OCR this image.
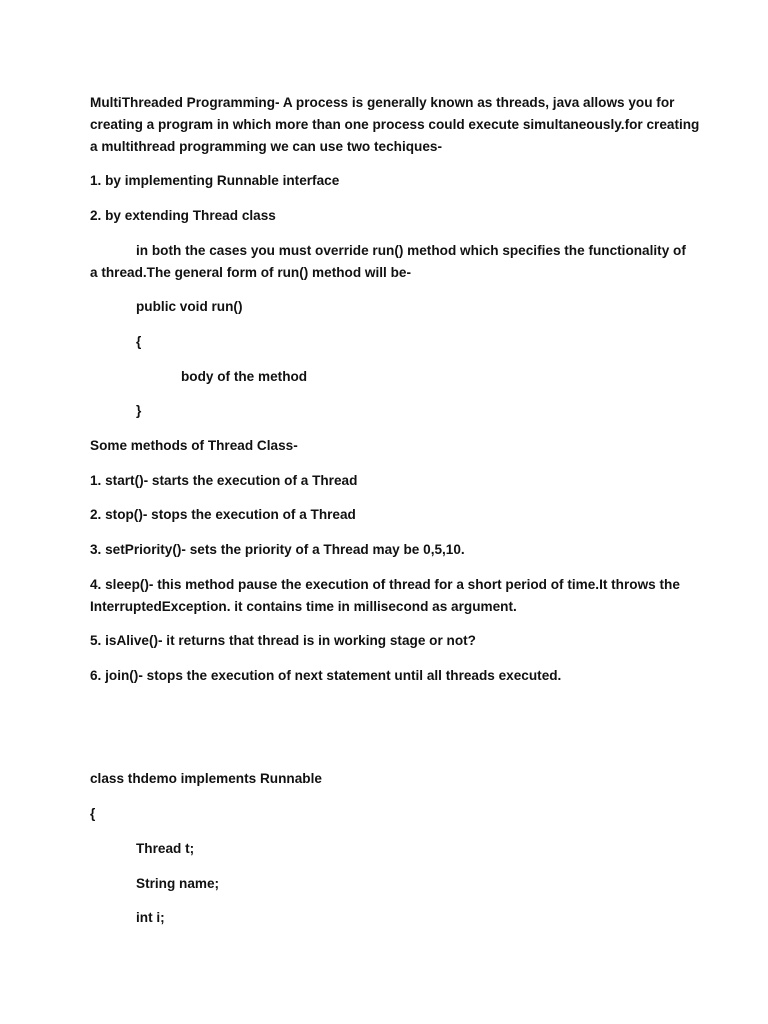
MultiThreaded Programming- A process is generally known as threads, java allows you for
creating a program in which more than one process could execute simultaneously.for creating
a multithread programming we can use two techiques-
1. by implementing Runnable interface
2. by extending Thread class
in both the cases you must override run() method which specifies the functionality of
a thread.The general form of run() method will be-
public void run()
{
body of the method
}
Some methods of Thread Class-
1. start()- starts the execution of a Thread
2. stop()- stops the execution of a Thread
3. setPriority()- sets the priority of a Thread may be 0,5,10.
4. sleep()- this method pause the execution of thread for a short period of time.It throws the
InterruptedException. it contains time in millisecond as argument.
5. isAlive()- it returns that thread is in working stage or not?
6. join()- stops the execution of next statement until all threads executed.
class thdemo implements Runnable
{
Thread t;
String name;
int i;
